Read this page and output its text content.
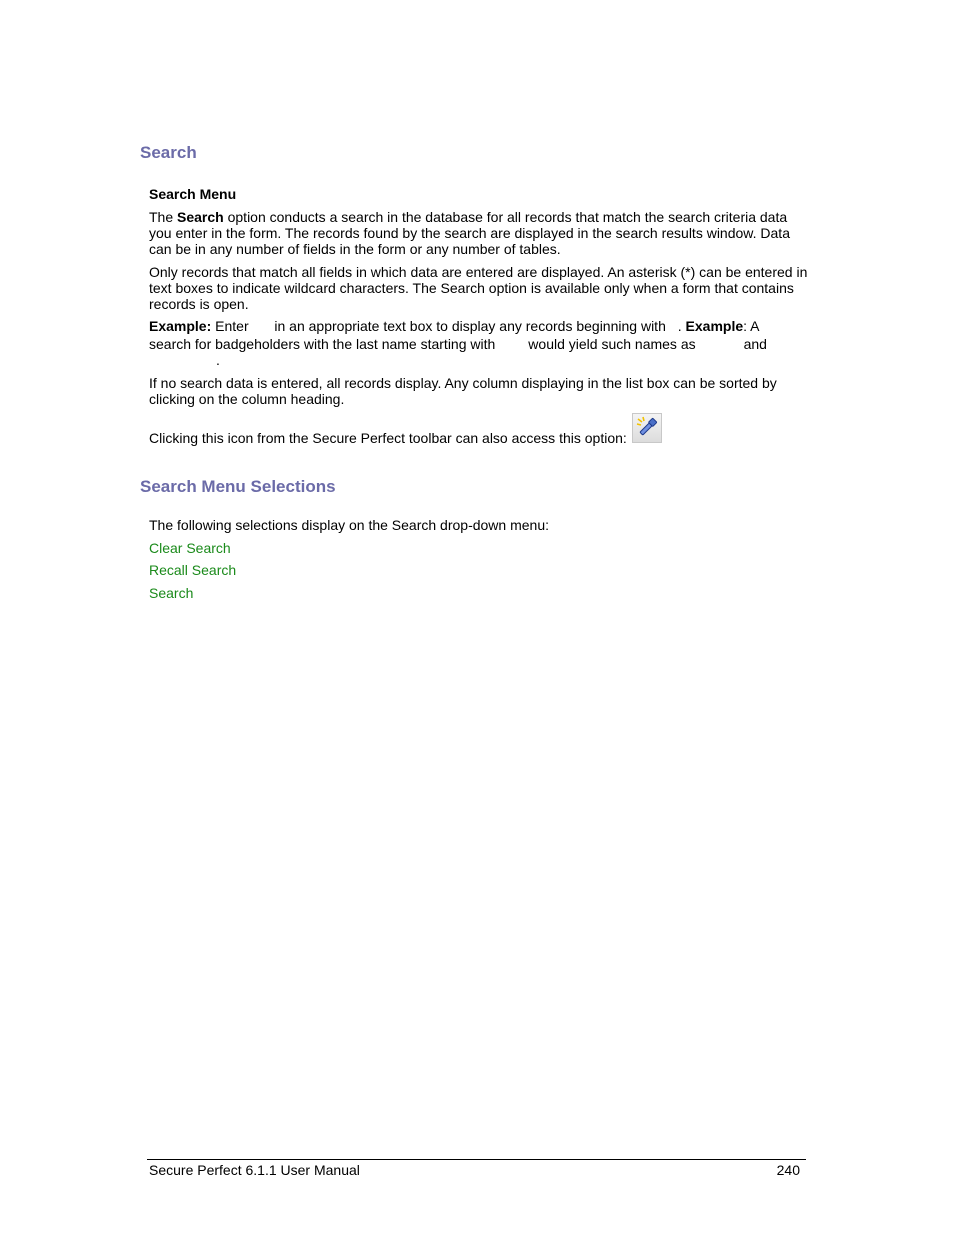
Search
Search Menu

The Search option conducts a search in the database for all records that match the search criteria data you enter in the form. The records found by the search are displayed in the search results window. Data can be in any number of fields in the form or any number of tables.

Only records that match all fields in which data are entered are displayed. An asterisk (*) can be entered in text boxes to indicate wildcard characters. The Search option is available only when a form that contains records is open.

Example: Enter  in an appropriate text box to display any records beginning with . Example: A
search for badgeholders with the last name starting with would yield such names as	and
.

If no search data is entered, all records display. Any column displaying in the list box can be sorted by clicking on the column heading.

Clicking this icon from the Secure Perfect toolbar can also access this option:
Search Menu Selections
The following selections display on the Search drop-down menu:
Clear Search
Recall Search
Search
Secure Perfect 6.1.1 User Manual	240
